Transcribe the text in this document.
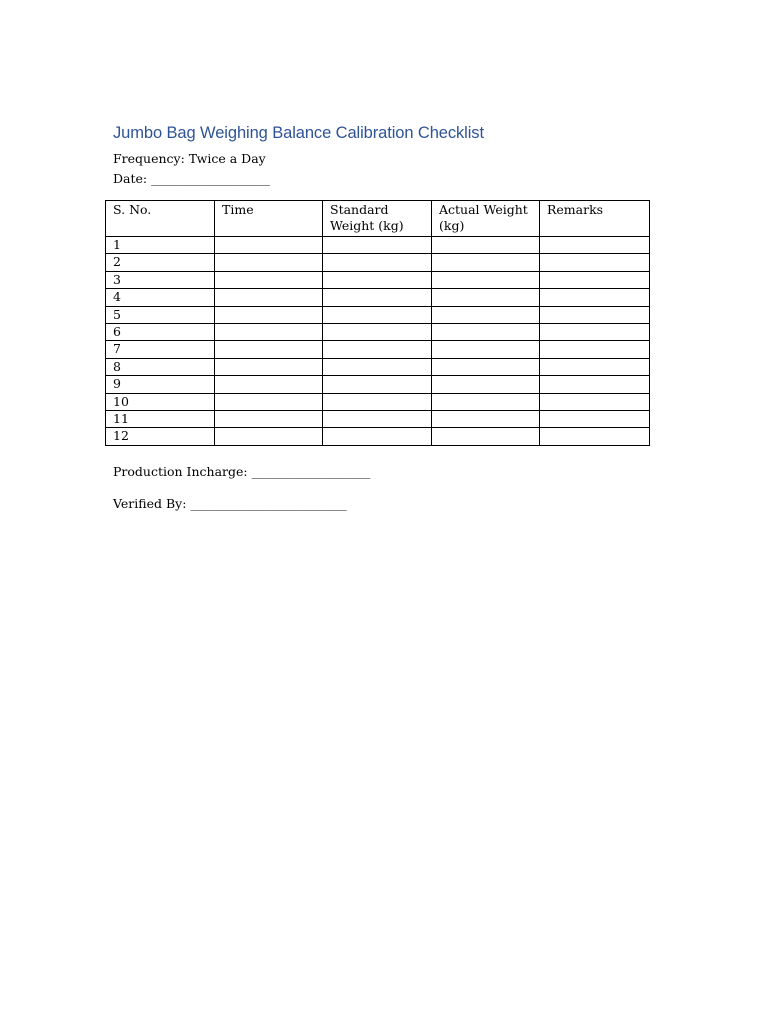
Jumbo Bag Weighing Balance Calibration Checklist
Frequency: Twice a Day
Date: ___________________
S. No.	Time	Standard Weight (kg)	Actual Weight (kg)	Remarks
1				
2				
3				
4				
5				
6				
7				
8				
9				
10				
11				
12				
Production Incharge: ___________________
Verified By: _________________________
